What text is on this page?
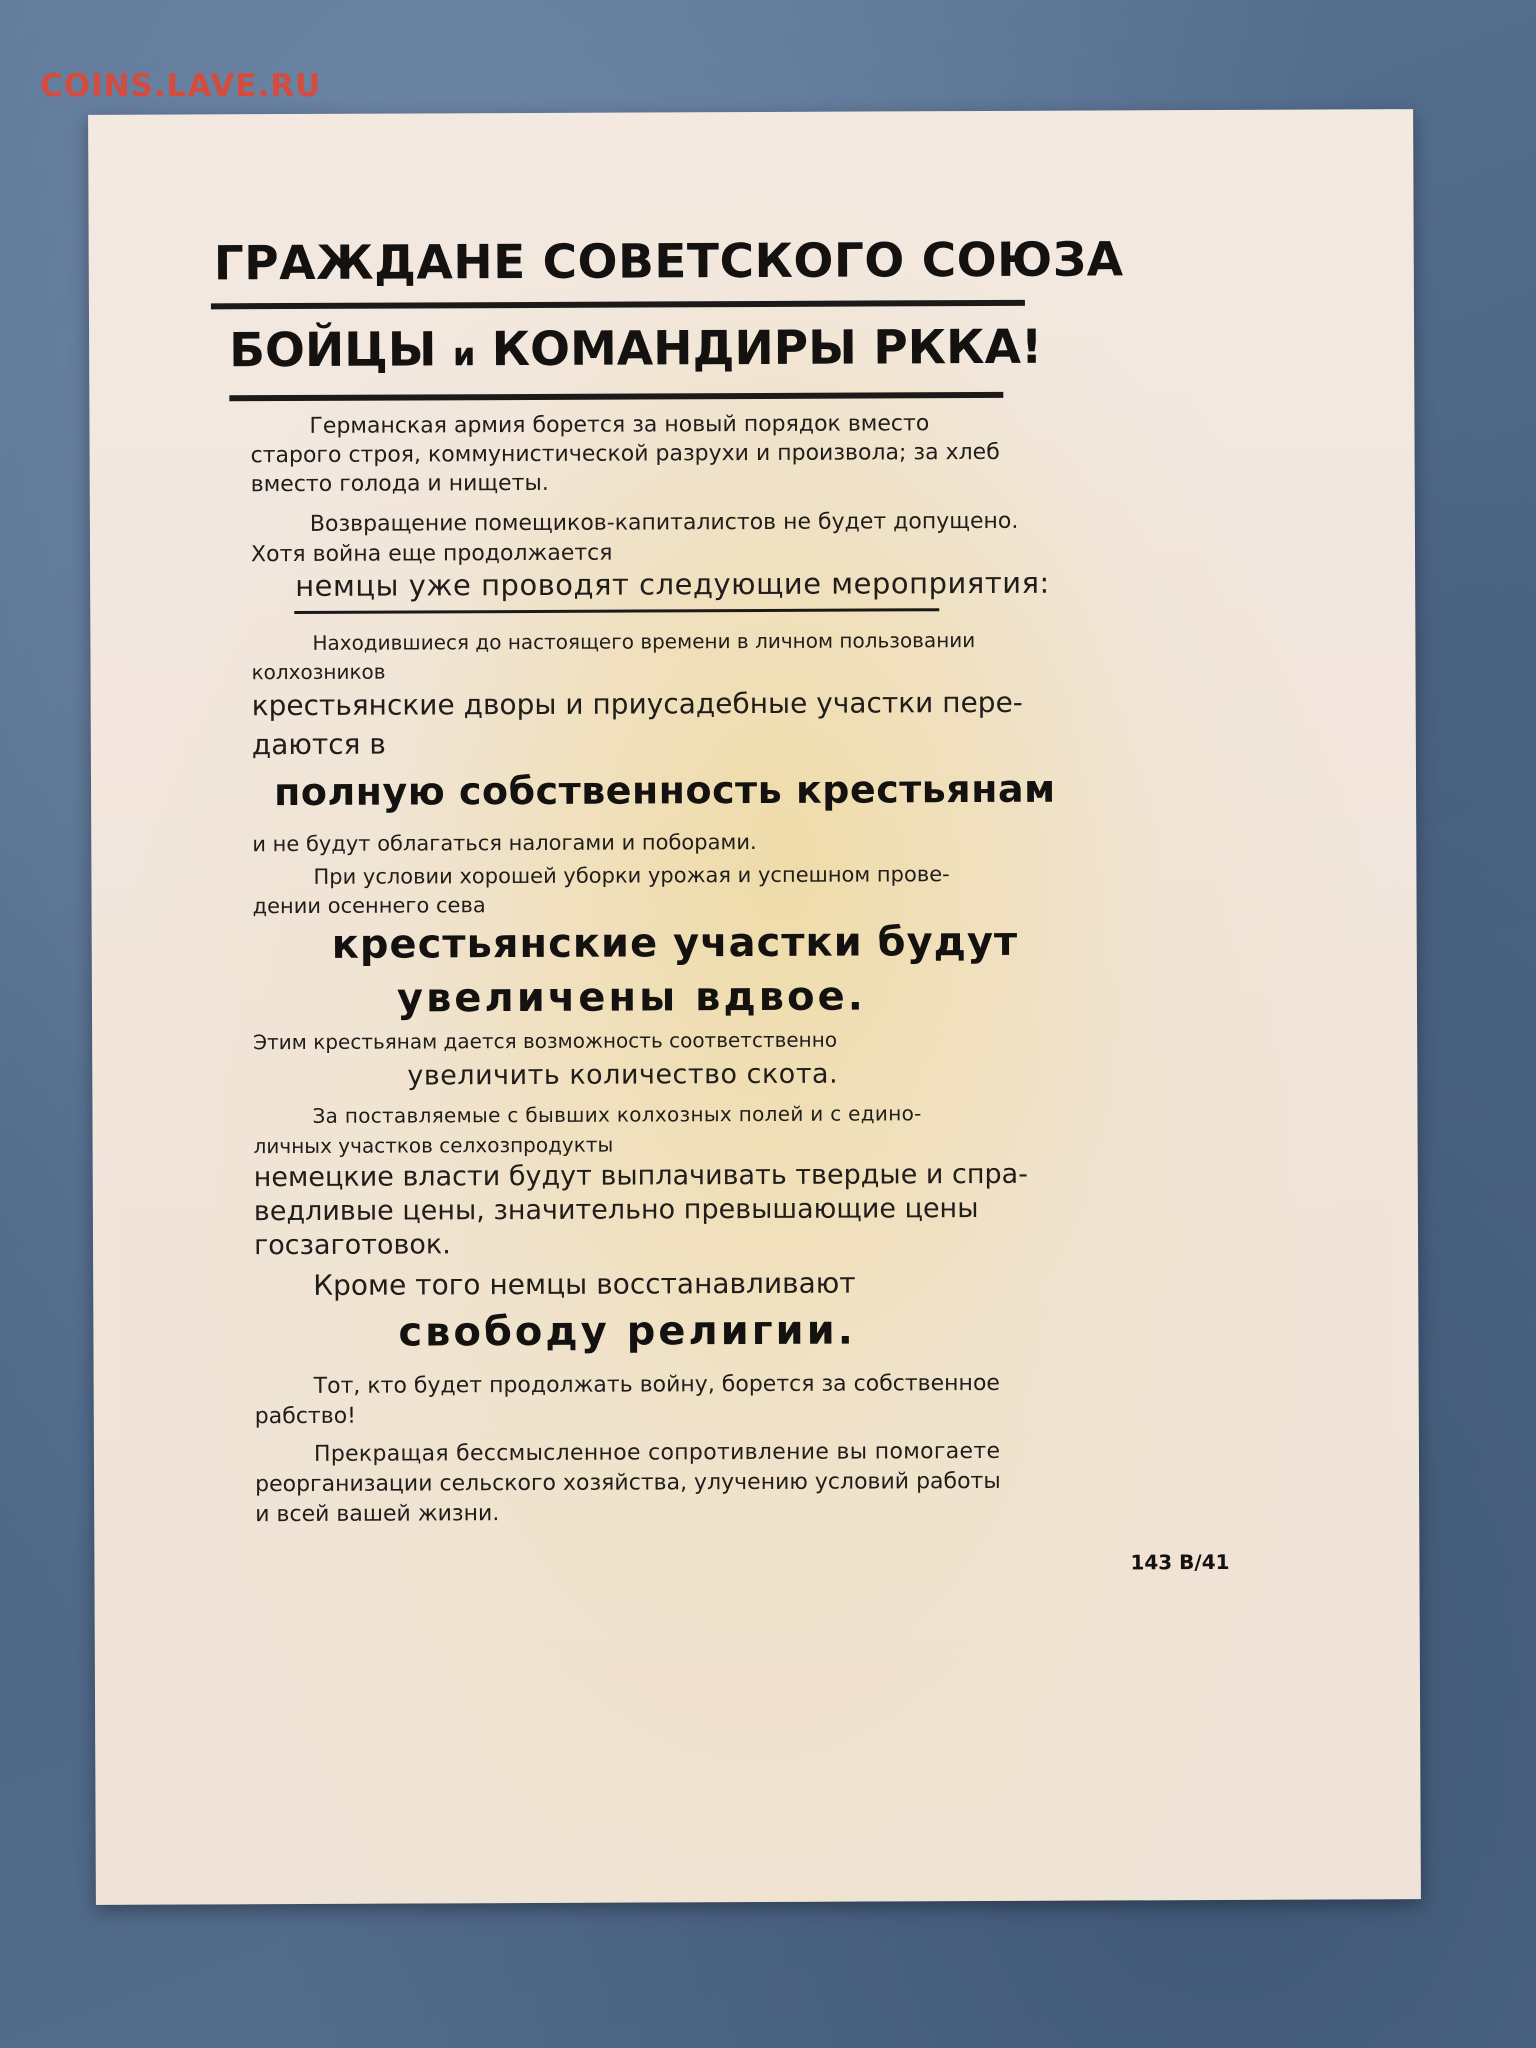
COINS.LAVE.RU
ГРАЖДАНЕ СОВЕТСКОГО СОЮЗА
БОЙЦЫ и КОМАНДИРЫ РККА!
Германская армия борется за новый порядок вместо
старого строя, коммунистической разрухи и произвола; за хлеб
вместо голода и нищеты.
Возвращение помещиков-капиталистов не будет допущено.
Хотя война еще продолжается
немцы уже проводят следующие мероприятия:
Находившиеся до настоящего времени в личном пользовании
колхозников
крестьянские дворы и приусадебные участки пере-
даются в
полную собственность крестьянам
и не будут облагаться налогами и поборами.
При условии хорошей уборки урожая и успешном прове-
дении осеннего сева
крестьянские участки будут
увеличены вдвое.
Этим крестьянам дается возможность соответственно
увеличить количество скота.
За поставляемые с бывших колхозных полей и с едино-
личных участков селхозпродукты
немецкие власти будут выплачивать твердые и спра-
ведливые цены, значительно превышающие цены
госзаготовок.
Кроме того немцы восстанавливают
свободу религии.
Тот, кто будет продолжать войну, борется за собственное
рабство!
Прекращая бессмысленное сопротивление вы помогаете
реорганизации сельского хозяйства, улучению условий работы
и всей вашей жизни.
143 В/41
